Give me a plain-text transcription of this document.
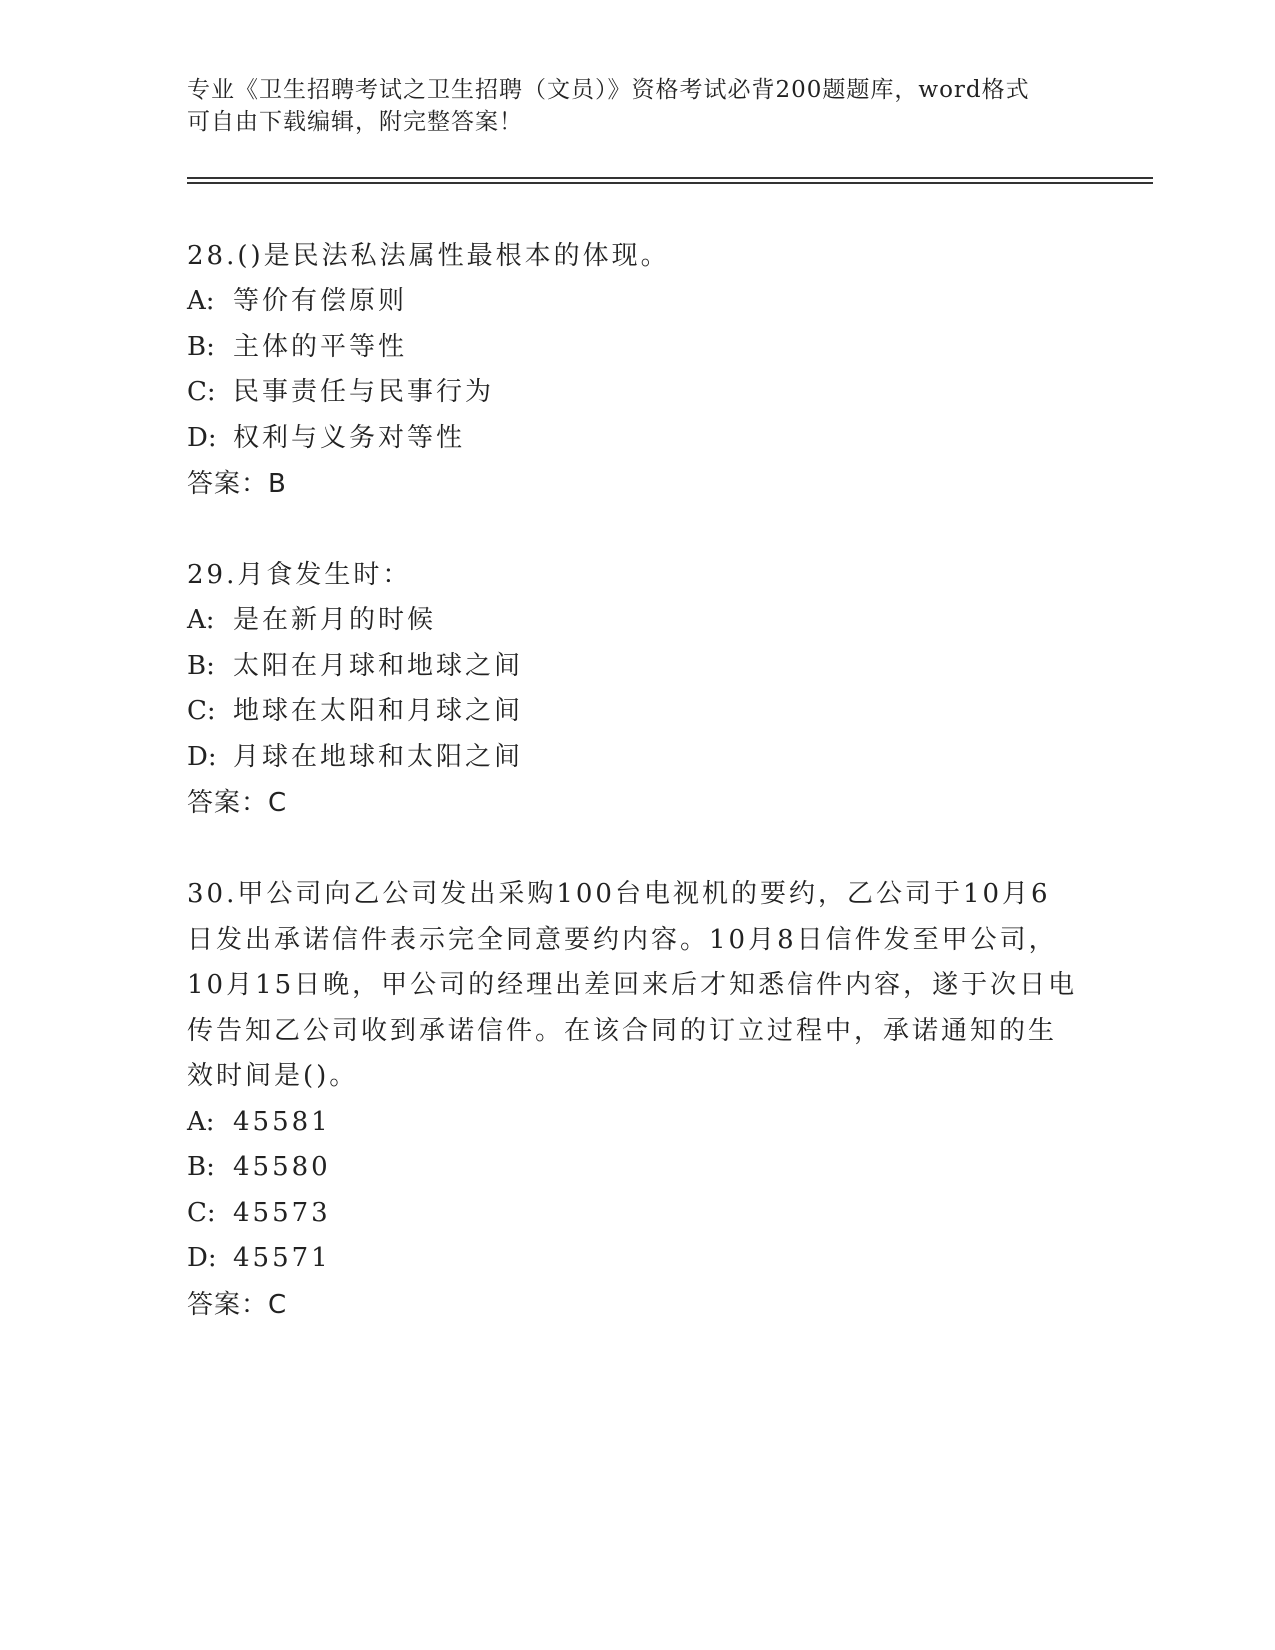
专业《卫生招聘考试之卫生招聘（文员）》资格考试必背200题题库，word格式
可自由下载编辑，附完整答案！
28.()是民法私法属性最根本的体现。
A: 等价有偿原则
B: 主体的平等性
C: 民事责任与民事行为
D: 权利与义务对等性
答案：B
29.月食发生时：
A: 是在新月的时候
B: 太阳在月球和地球之间
C: 地球在太阳和月球之间
D: 月球在地球和太阳之间
答案：C
30.甲公司向乙公司发出采购100台电视机的要约，乙公司于10月6
日发出承诺信件表示完全同意要约内容。10月8日信件发至甲公司，
10月15日晚，甲公司的经理出差回来后才知悉信件内容，遂于次日电
传告知乙公司收到承诺信件。在该合同的订立过程中，承诺通知的生
效时间是()。
A: 45581
B: 45580
C: 45573
D: 45571
答案：C
